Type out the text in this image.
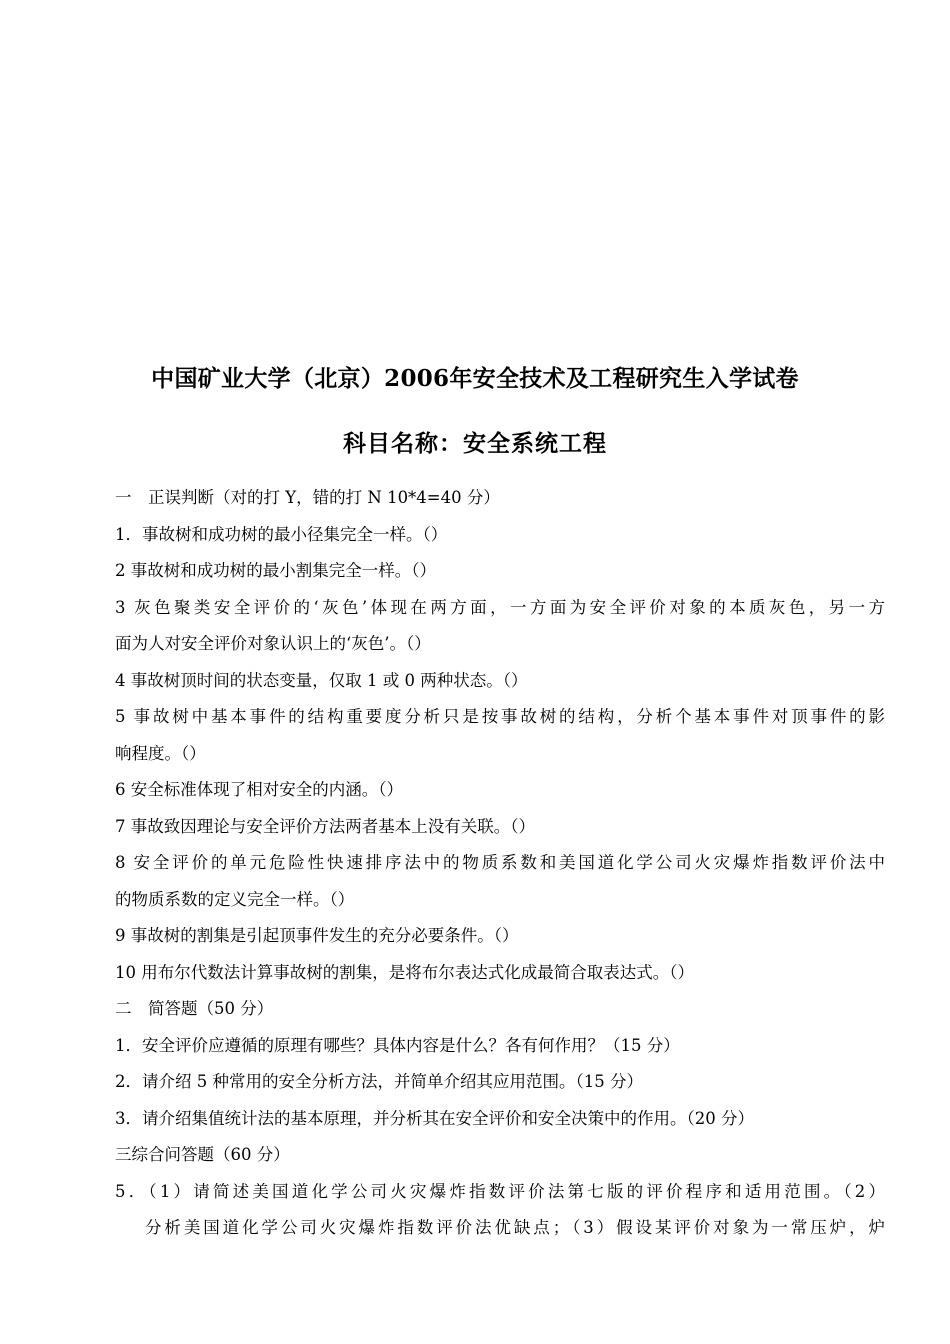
中国矿业大学（北京）2006年安全技术及工程研究生入学试卷
科目名称：安全系统工程
一　正误判断（对的打 Y，错的打 N 10*4=40 分）
1．事故树和成功树的最小径集完全一样。（）
2 事故树和成功树的最小割集完全一样。（）
3 灰色聚类安全评价的‘灰色’体现在两方面，一方面为安全评价对象的本质灰色，另一方
面为人对安全评价对象认识上的‘灰色’。（）
4 事故树顶时间的状态变量，仅取 1 或 0 两种状态。（）
5 事故树中基本事件的结构重要度分析只是按事故树的结构，分析个基本事件对顶事件的影
响程度。（）
6 安全标准体现了相对安全的内涵。（）
7 事故致因理论与安全评价方法两者基本上没有关联。（）
8 安全评价的单元危险性快速排序法中的物质系数和美国道化学公司火灾爆炸指数评价法中
的物质系数的定义完全一样。（）
9 事故树的割集是引起顶事件发生的充分必要条件。（）
10 用布尔代数法计算事故树的割集，是将布尔表达式化成最简合取表达式。（）
二　简答题（50 分）
1．安全评价应遵循的原理有哪些？具体内容是什么？各有何作用？（15 分）
2．请介绍 5 种常用的安全分析方法，并简单介绍其应用范围。（15 分）
3．请介绍集值统计法的基本原理，并分析其在安全评价和安全决策中的作用。（20 分）
三综合问答题（60 分）
5．（1）请简述美国道化学公司火灾爆炸指数评价法第七版的评价程序和适用范围。（2）
分析美国道化学公司火灾爆炸指数评价法优缺点；（3）假设某评价对象为一常压炉，炉
